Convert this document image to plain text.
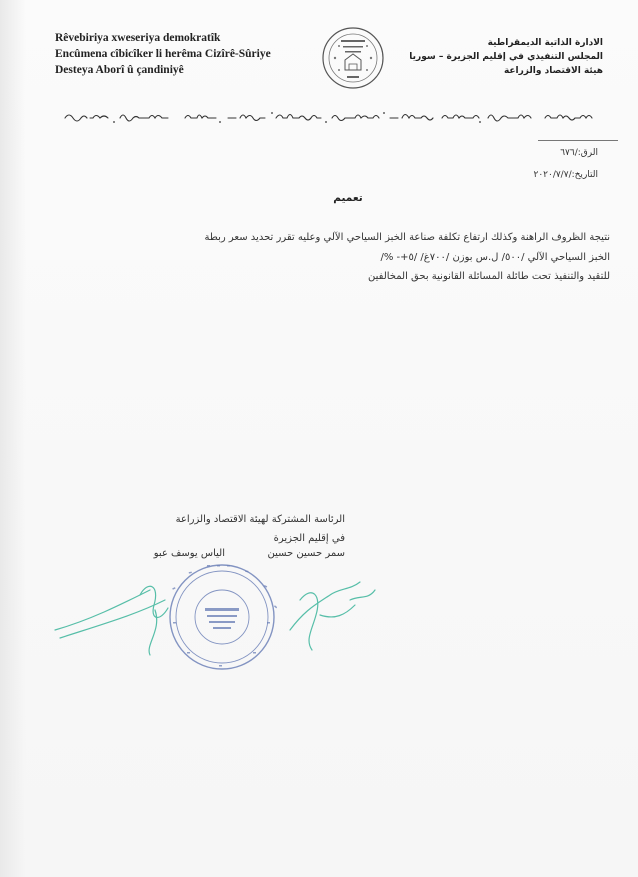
Rêvebiriya xweseriya demokratîk
Encûmena cîbicîker li herêma Cizîrê-Sûriye
Desteya Aborî û çandiniyê
الادارة الذاتية الديمقراطية
المجلس التنفيذي في إقليم الجزيرة – سوريا
هيئة الاقتصاد والزراعة
الرق:/٦٧٦
التاريخ:/٢٠٢٠/٧/٧
تعميم
نتيجة الظروف الراهنة وكذلك ارتفاع تكلفة صناعة الخبز السياحي الآلي وعليه تقرر تحديد سعر ربطة
الخبز السياحي الآلي /٥٠٠/ ل.س بوزن /٧٠٠غ/ /٥+- %/
للتقيد والتنفيذ تحت طائلة المسائلة القانونية بحق المخالفين
الرئاسة المشتركة لهيئة الاقتصاد والزراعة
في إقليم الجزيرة
الياس يوسف عبو	سمر حسين حسين
